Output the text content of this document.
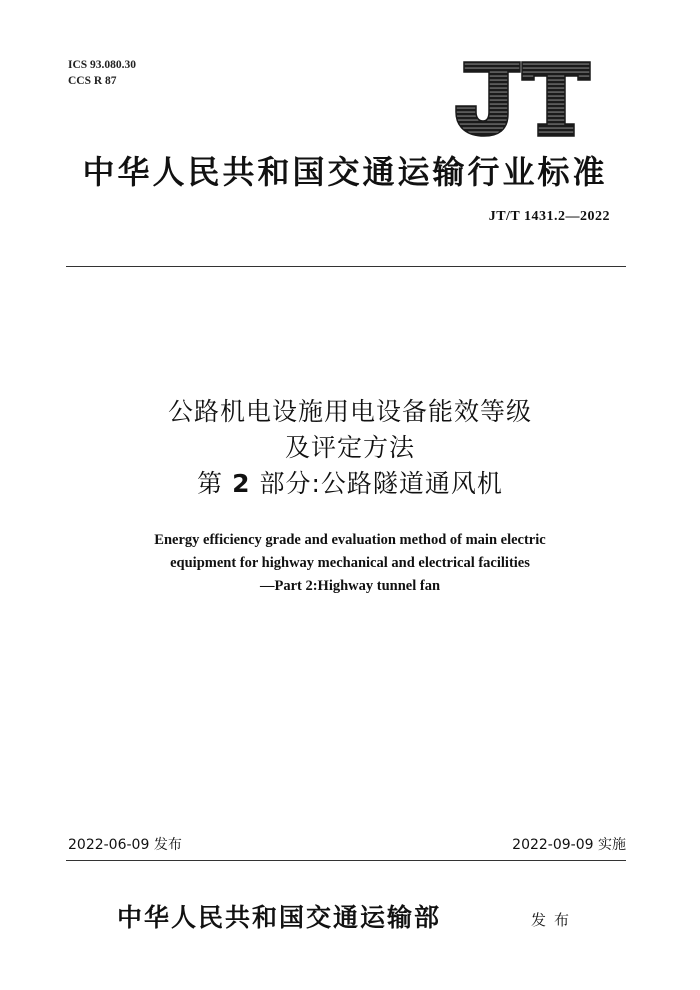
ICS 93.080.30
CCS R 87
中华人民共和国交通运输行业标准
JT/T 1431.2—2022
公路机电设施用电设备能效等级
及评定方法
第 2 部分:公路隧道通风机
Energy efficiency grade and evaluation method of main electric
equipment for highway mechanical and electrical facilities
—Part 2:Highway tunnel fan
2022-06-09 发布	2022-09-09 实施
中华人民共和国交通运输部	发布
